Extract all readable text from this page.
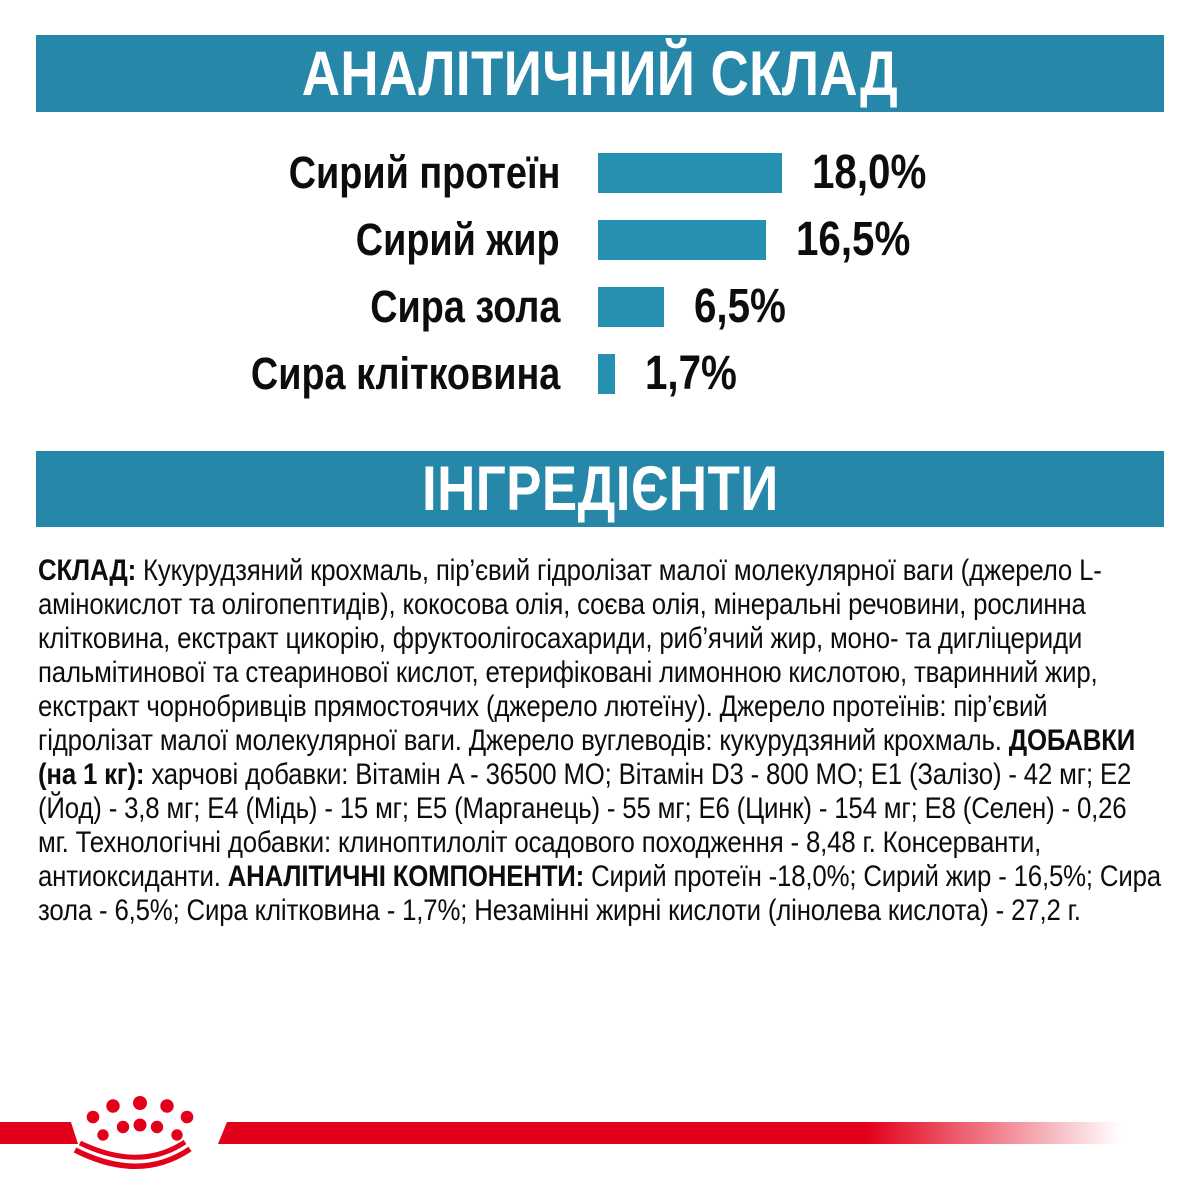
АНАЛІТИЧНИЙ СКЛАД
Сирий протеїн	18,0%
Сирий жир	16,5%
Сира зола	6,5%
Сира клітковина 1,7%
ІНГРЕДІЄНТИ

СКЛАД: Кукурудзяний крохмаль, пір’євий гідролізат малої молекулярної ваги (джерело L-амінокислот та олігопептидів), кокосова олія, соєва олія, мінеральні речовини, рослинна клітковина, екстракт цикорію, фруктоолігосахариди, риб’ячий жир, моно- та дигліцериди пальмітинової та стеаринової кислот, етерифіковані лимонною кислотою, тваринний жир, екстракт чорнобривців прямостоячих (джерело лютеїну). Джерело протеїнів: пір’євий гідролізат малої молекулярної ваги. Джерело вуглеводів: кукурудзяний крохмаль. ДОБАВКИ (на 1 кг): харчові добавки: Вітамін A - 36500 МО; Вітамін D3 - 800 МО; E1 (Залізо) - 42 мг; E2 (Йод) - 3,8 мг; E4 (Мідь) - 15 мг; E5 (Марганець) - 55 мг; E6 (Цинк) - 154 мг; E8 (Селен) - 0,26 мг. Технологічні добавки: клиноптилоліт осадового походження - 8,48 г. Консерванти, антиоксиданти. АНАЛІТИЧНІ КОМПОНЕНТИ: Сирий протеїн -18,0%; Сирий жир - 16,5%; Сира зола - 6,5%; Сира клітковина - 1,7%; Незамінні жирні кислоти (лінолева кислота) - 27,2 г.
